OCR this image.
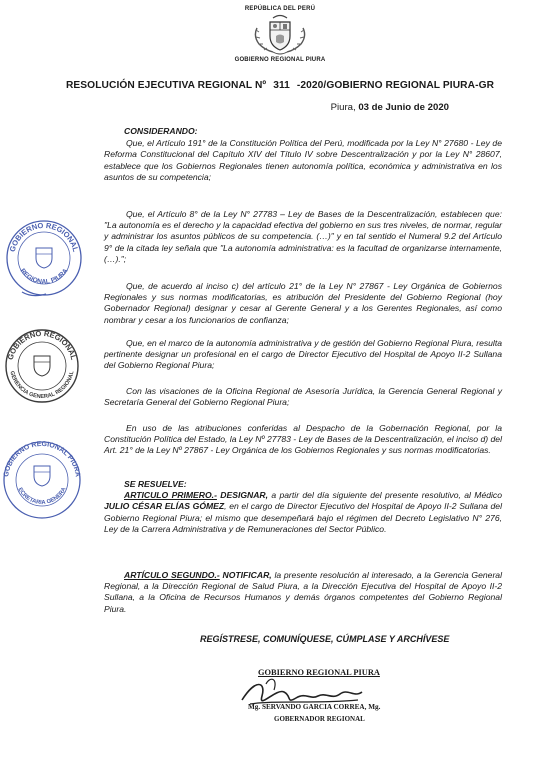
REPÚBLICA DEL PERÚ
GOBIERNO REGIONAL PIURA
RESOLUCIÓN EJECUTIVA REGIONAL Nº 311 -2020/GOBIERNO REGIONAL PIURA-GR
Piura, 03 de Junio de 2020

CONSIDERANDO:

Que, el Artículo 191° de la Constitución Política del Perú, modificada por la Ley N° 27680 - Ley de Reforma Constitucional del Capítulo XIV del Título IV sobre Descentralización y por la Ley N° 28607, establece que los Gobiernos Regionales tienen autonomía política, económica y administrativa en los asuntos de su competencia;

Que, el Artículo 8° de la Ley N° 27783 – Ley de Bases de la Descentralización, establecen que: "La autonomía es el derecho y la capacidad efectiva del gobierno en sus tres niveles, de normar, regular y administrar los asuntos públicos de su competencia. (…)" y en tal sentido el Numeral 9.2 del Artículo 9° de la citada ley señala que "La autonomía administrativa: es la facultad de organizarse internamente, (…).";

Que, de acuerdo al inciso c) del artículo 21° de la Ley N° 27867 - Ley Orgánica de Gobiernos Regionales y sus normas modificatorias, es atribución del Presidente del Gobierno Regional (hoy Gobernador Regional) designar y cesar al Gerente General y a los Gerentes Regionales, así como nombrar y cesar a los funcionarios de confianza;

Que, en el marco de la autonomía administrativa y de gestión del Gobierno Regional Piura, resulta pertinente designar un profesional en el cargo de Director Ejecutivo del Hospital de Apoyo II-2 Sullana del Gobierno Regional Piura;

Con las visaciones de la Oficina Regional de Asesoría Jurídica, la Gerencia General Regional y Secretaría General del Gobierno Regional Piura;

En uso de las atribuciones conferidas al Despacho de la Gobernación Regional, por la Constitución Política del Estado, la Ley Nº 27783 - Ley de Bases de la Descentralización, el inciso d) del Art. 21° de la Ley Nº 27867 - Ley Orgánica de los Gobiernos Regionales y sus normas modificatorias.

SE RESUELVE:

ARTICULO PRIMERO.- DESIGNAR, a partir del día siguiente del presente resolutivo, al Médico JULIO CÉSAR ELÍAS GÓMEZ, en el cargo de Director Ejecutivo del Hospital de Apoyo II-2 Sullana del Gobierno Regional Piura; el mismo que desempeñará bajo el régimen del Decreto Legislativo N° 276, Ley de la Carrera Administrativa y de Remuneraciones del Sector Público.

ARTÍCULO SEGUNDO.- NOTIFICAR, la presente resolución al interesado, a la Gerencia General Regional, a la Dirección Regional de Salud Piura, a la Dirección Ejecutiva del Hospital de Apoyo II-2 Sullana, a la Oficina de Recursos Humanos y demás órganos competentes del Gobierno Regional Piura.

REGÍSTRESE, COMUNÍQUESE, CÚMPLASE Y ARCHÍVESE

GOBIERNO REGIONAL PIURA
Mg. SERVANDO GARCIA CORREA, Mg.
GOBERNADOR REGIONAL
GOBIERNO REGIONAL
REGIONAL PIURA
GOBIERNO REGIONAL
GERENCIA GENERAL REGIONAL
GOBIERNO REGIONAL PIURA
ECRETARIA GENERA
